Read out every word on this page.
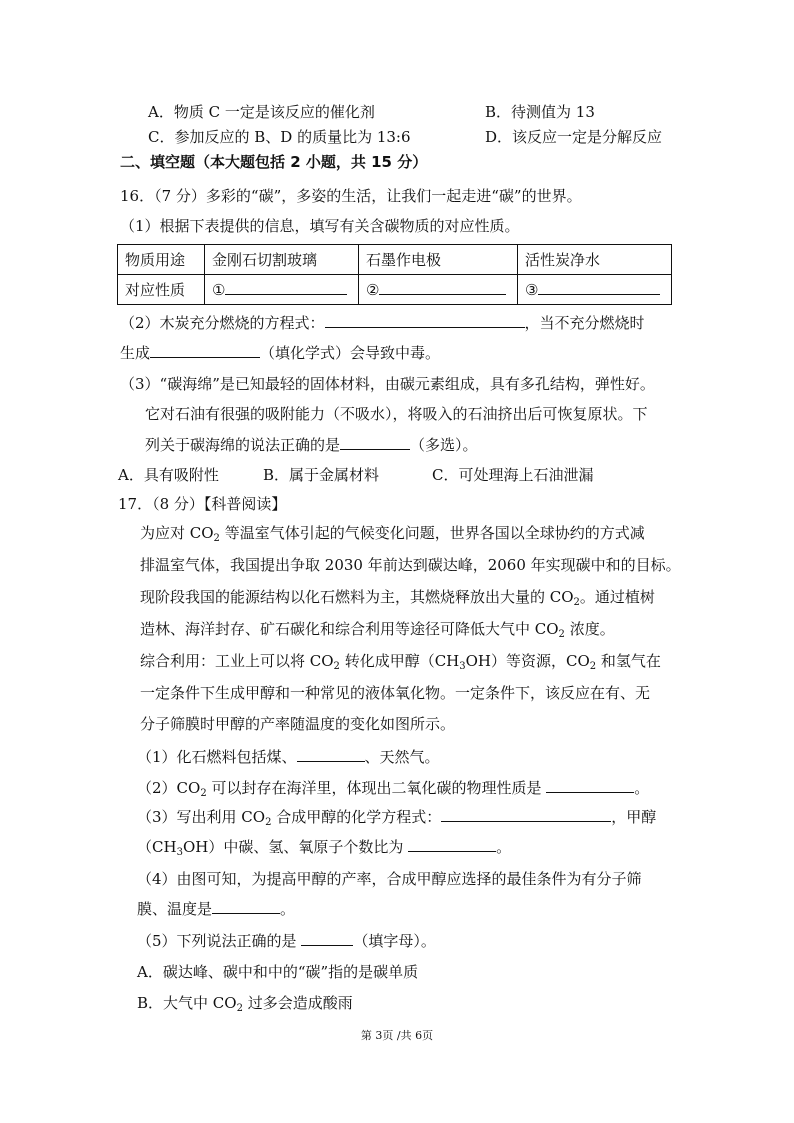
A．物质 C 一定是该反应的催化剂	B．待测值为 13
C．参加反应的 B、D 的质量比为 13:6	D．该反应一定是分解反应
二、填空题（本大题包括 2 小题，共 15 分）
16．（7 分）多彩的“碳”，多姿的生活，让我们一起走进“碳”的世界。
（1）根据下表提供的信息，填写有关含碳物质的对应性质。
物质用途	金刚石切割玻璃	石墨作电极	活性炭净水
对应性质	①	②	③
（2）木炭充分燃烧的方程式：	，当不充分燃烧时
生成	（填化学式）会导致中毒。
（3）“碳海绵”是已知最轻的固体材料，由碳元素组成，具有多孔结构，弹性好。
它对石油有很强的吸附能力（不吸水），将吸入的石油挤出后可恢复原状。下
列关于碳海绵的说法正确的是	（多选）。
A．具有吸附性	B．属于金属材料	C．可处理海上石油泄漏
17．（8 分）【科普阅读】
为应对 $CO_2$ 等温室气体引起的气候变化问题，世界各国以全球协约的方式减
排温室气体，我国提出争取 2030 年前达到碳达峰，2060 年实现碳中和的目标。
现阶段我国的能源结构以化石燃料为主，其燃烧释放出大量的 $CO_2$。通过植树
造林、海洋封存、矿石碳化和综合利用等途径可降低大气中 $CO_2$ 浓度。
综合利用：工业上可以将 $CO_2$ 转化成甲醇$(CH_3OH)$等资源，$CO_2$ 和氢气在
一定条件下生成甲醇和一种常见的液体氧化物。一定条件下，该反应在有、无
分子筛膜时甲醇的产率随温度的变化如图所示。
（1）化石燃料包括煤、	、天然气。
$(2)CO_2$ 可以封存在海洋里，体现出二氧化碳的物理性质是	。
（3）写出利用 $CO_2$ 合成甲醇的化学方程式：	，甲醇
$(CH_3OH)$中碳、氢、氧原子个数比为	。
（4）由图可知，为提高甲醇的产率，合成甲醇应选择的最佳条件为有分子筛
膜、温度是	。
（5）下列说法正确的是	（填字母）。
A．碳达峰、碳中和中的“碳”指的是碳单质
B．大气中 $CO_2$ 过多会造成酸雨
第 3页 /共 6页
